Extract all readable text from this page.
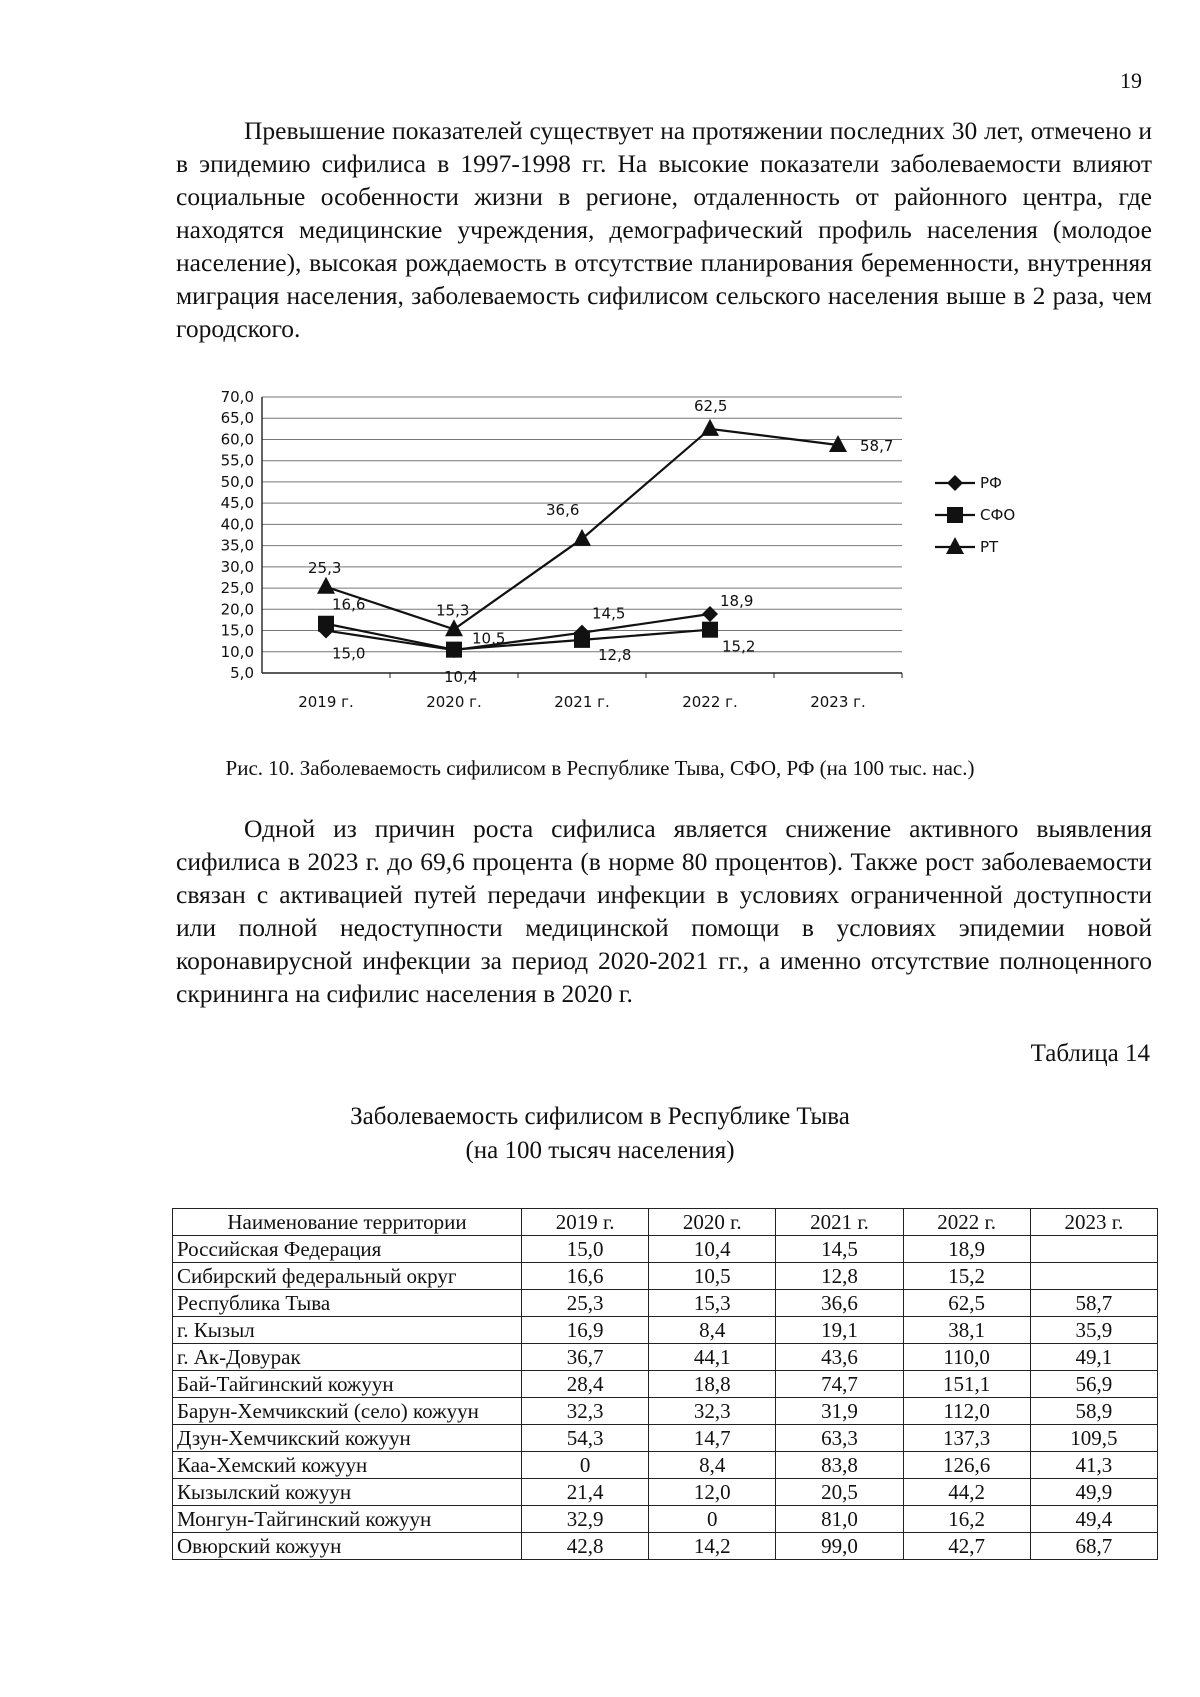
19

Превышение показателей существует на протяжении последних 30 лет, отмечено и в эпидемию сифилиса в 1997-1998 гг. На высокие показатели заболеваемости влияют социальные особенности жизни в регионе, отдаленность от районного центра, где находятся медицинские учреждения, демографический профиль населения (молодое население), высокая рождаемость в отсутствие планирования беременности, внутренняя миграция населения, заболеваемость сифилисом сельского населения выше в 2 раза, чем городского.

70,0
65,0
60,0
55,0
50,0
45,0
40,0
35,0
30,0
25,0
20,0
15,0
10,0
5,0
2019 г.	2020 г.	2021 г.	2022 г.	2023 г.
15,0
10,4
14,5
18,9
16,6
10,5
12,8	15,2
25,3
15,3
36,6
62,5
58,7
РФ
СФО
РТ
Рис. 10. Заболеваемость сифилисом в Республике Тыва, СФО, РФ (на 100 тыс. нас.)

Одной из причин роста сифилиса является снижение активного выявления сифилиса в 2023 г. до 69,6 процента (в норме 80 процентов). Также рост заболеваемости связан с активацией путей передачи инфекции в условиях ограниченной доступности или полной недоступности медицинской помощи в условиях эпидемии новой коронавирусной инфекции за период 2020-2021 гг., а именно отсутствие полноценного скрининга на сифилис населения в 2020 г.

Таблица 14
Заболеваемость сифилисом в Республике Тыва
(на 100 тысяч населения)
Наименование территории	2019 г.	2020 г.	2021 г.	2022 г.	2023 г.
Российская Федерация	15,0	10,4	14,5	18,9	
Сибирский федеральный округ	16,6	10,5	12,8	15,2	
Республика Тыва	25,3	15,3	36,6	62,5	58,7
г. Кызыл	16,9	8,4	19,1	38,1	35,9
г. Ак-Довурак	36,7	44,1	43,6	110,0	49,1
Бай-Тайгинский кожуун	28,4	18,8	74,7	151,1	56,9
Барун-Хемчикский (село) кожуун	32,3	32,3	31,9	112,0	58,9
Дзун-Хемчикский кожуун	54,3	14,7	63,3	137,3	109,5
Каа-Хемский кожуун	0	8,4	83,8	126,6	41,3
Кызылский кожуун	21,4	12,0	20,5	44,2	49,9
Монгун-Тайгинский кожуун	32,9	0	81,0	16,2	49,4
Овюрский кожуун	42,8	14,2	99,0	42,7	68,7
